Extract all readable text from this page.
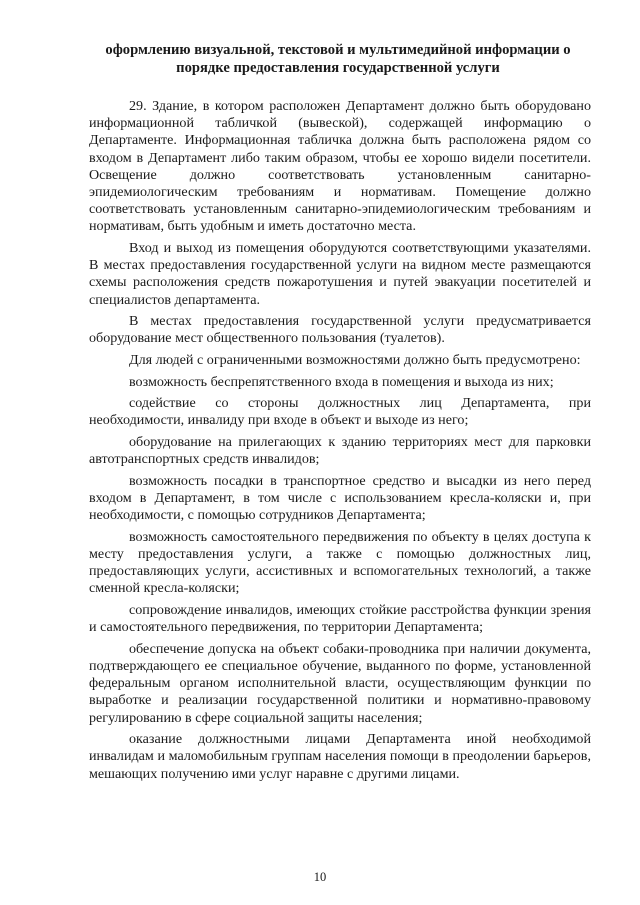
оформлению визуальной, текстовой и мультимедийной информации о порядке предоставления государственной услуги

29. Здание, в котором расположен Департамент должно быть оборудовано информационной табличкой (вывеской), содержащей информацию о Департаменте. Информационная табличка должна быть расположена рядом со входом в Департамент либо таким образом, чтобы ее хорошо видели посетители. Освещение должно соответствовать установленным санитарно-эпидемиологическим требованиям и нормативам. Помещение должно соответствовать установленным санитарно-эпидемиологическим требованиям и нормативам, быть удобным и иметь достаточно места.

Вход и выход из помещения оборудуются соответствующими указателями. В местах предоставления государственной услуги на видном месте размещаются схемы расположения средств пожаротушения и путей эвакуации посетителей и специалистов департамента.

В местах предоставления государственной услуги предусматривается оборудование мест общественного пользования (туалетов).

Для людей с ограниченными возможностями должно быть предусмотрено:

возможность беспрепятственного входа в помещения и выхода из них;

содействие со стороны должностных лиц Департамента, при необходимости, инвалиду при входе в объект и выходе из него;

оборудование на прилегающих к зданию территориях мест для парковки автотранспортных средств инвалидов;

возможность посадки в транспортное средство и высадки из него перед входом в Департамент, в том числе с использованием кресла-коляски и, при необходимости, с помощью сотрудников Департамента;

возможность самостоятельного передвижения по объекту в целях доступа к месту предоставления услуги, а также с помощью должностных лиц, предоставляющих услуги, ассистивных и вспомогательных технологий, а также сменной кресла-коляски;

сопровождение инвалидов, имеющих стойкие расстройства функции зрения и самостоятельного передвижения, по территории Департамента;

обеспечение допуска на объект собаки-проводника при наличии документа, подтверждающего ее специальное обучение, выданного по форме, установленной федеральным органом исполнительной власти, осуществляющим функции по выработке и реализации государственной политики и нормативно-правовому регулированию в сфере социальной защиты населения;

оказание должностными лицами Департамента иной необходимой инвалидам и маломобильным группам населения помощи в преодолении барьеров, мешающих получению ими услуг наравне с другими лицами.

10
